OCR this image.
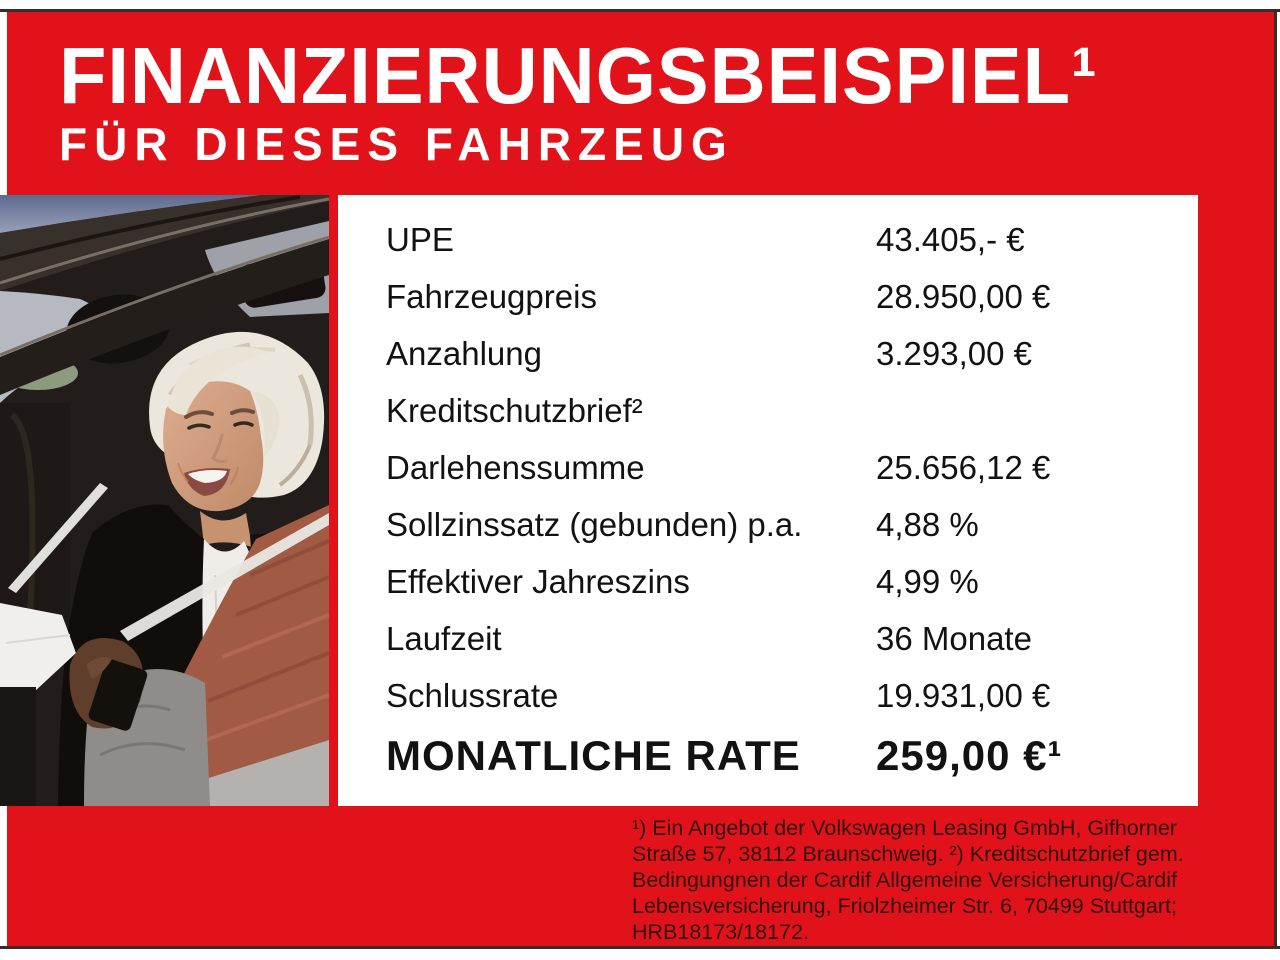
FINANZIERUNGSBEISPIEL¹
FÜR DIESES FAHRZEUG
UPE	43.405,- €
Fahrzeugpreis	28.950,00 €
Anzahlung	3.293,00 €
Kreditschutzbrief²
Darlehenssumme	25.656,12 €
Sollzinssatz (gebunden) p.a.	4,88 %
Effektiver Jahreszins	4,99 %
Laufzeit	36 Monate
Schlussrate	19.931,00 €
MONATLICHE RATE	259,00 €¹
¹) Ein Angebot der Volkswagen Leasing GmbH, Gifhorner
Straße 57, 38112 Braunschweig. ²) Kreditschutzbrief gem.
Bedingungnen der Cardif Allgemeine Versicherung/Cardif
Lebensversicherung, Friolzheimer Str. 6, 70499 Stuttgart;
HRB18173/18172.
